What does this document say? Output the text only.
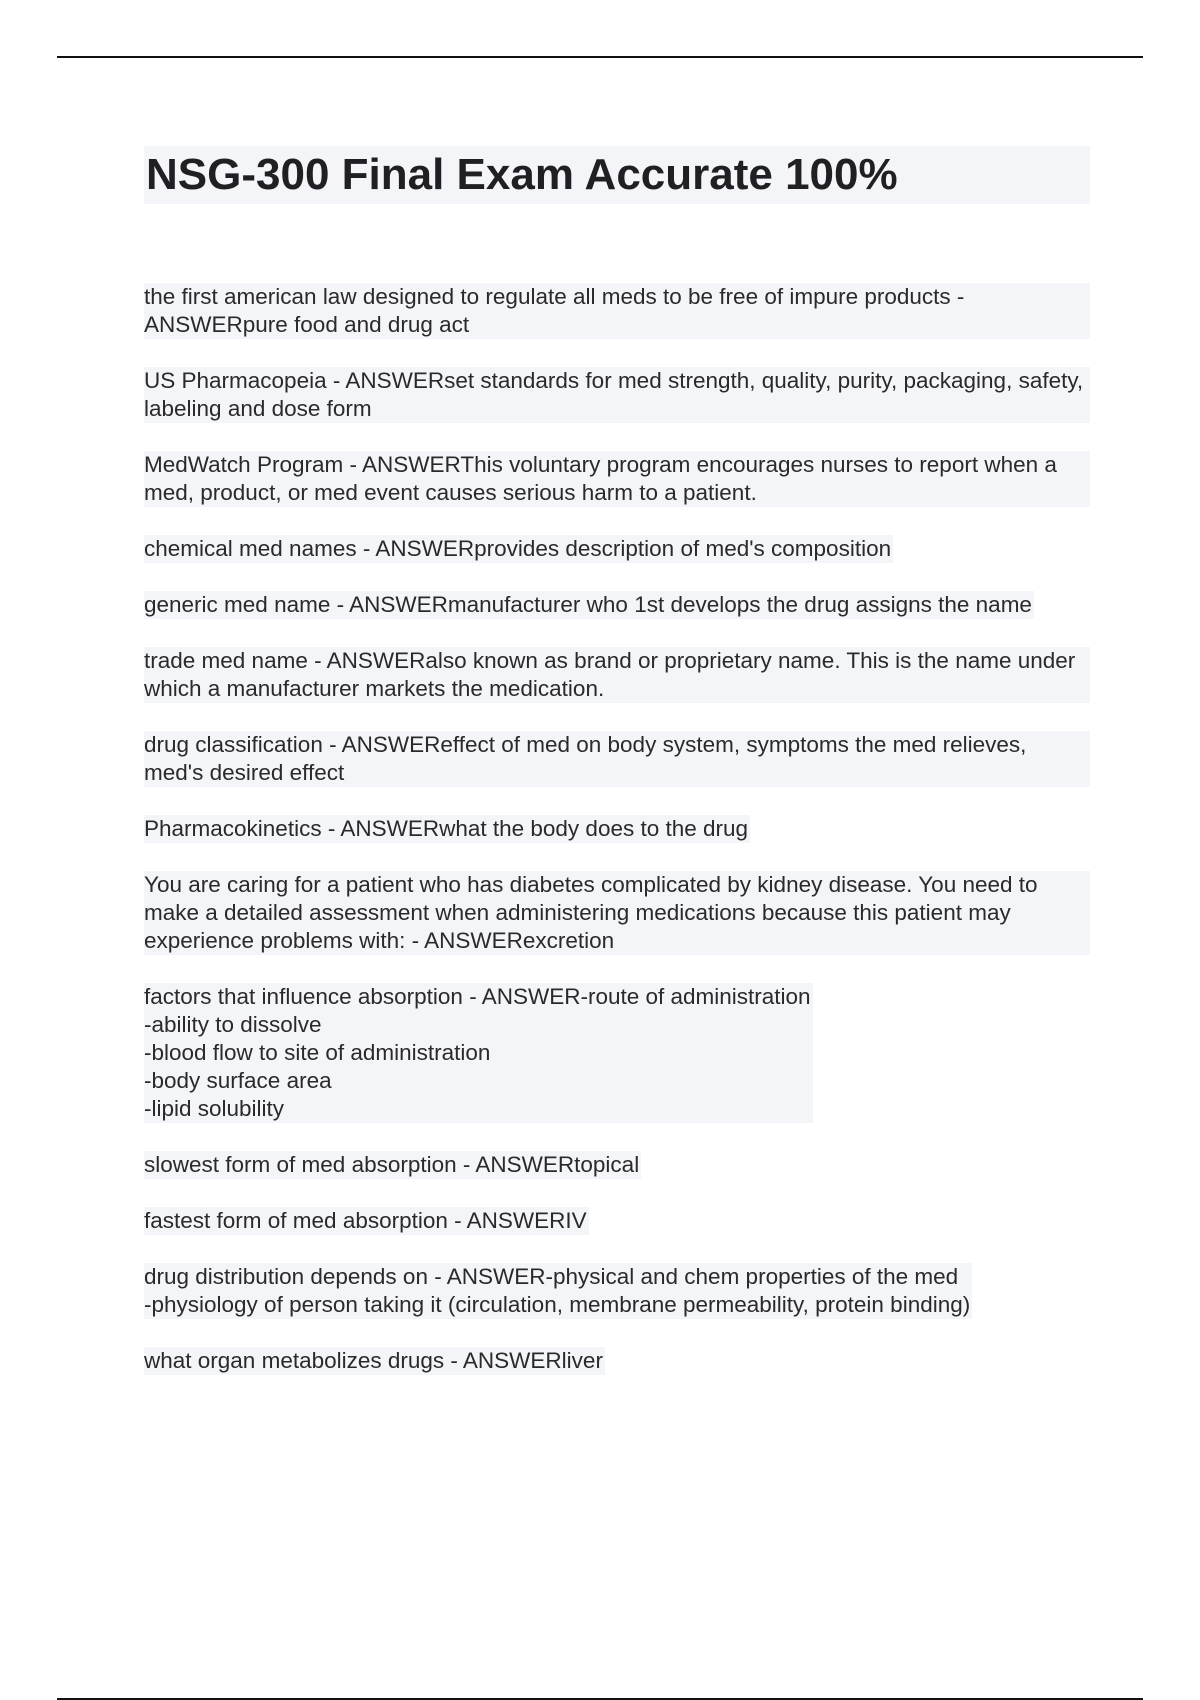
NSG-300 Final Exam Accurate 100%
the first american law designed to regulate all meds to be free of impure products - ANSWERpure food and drug act
US Pharmacopeia - ANSWERset standards for med strength, quality, purity, packaging, safety, labeling and dose form
MedWatch Program - ANSWERThis voluntary program encourages nurses to report when a med, product, or med event causes serious harm to a patient.
chemical med names - ANSWERprovides description of med's composition
generic med name - ANSWERmanufacturer who 1st develops the drug assigns the name
trade med name - ANSWERalso known as brand or proprietary name. This is the name under which a manufacturer markets the medication.
drug classification - ANSWEReffect of med on body system, symptoms the med relieves, med's desired effect
Pharmacokinetics - ANSWERwhat the body does to the drug
You are caring for a patient who has diabetes complicated by kidney disease. You need to make a detailed assessment when administering medications because this patient may experience problems with: - ANSWERexcretion
factors that influence absorption - ANSWER-route of administration
-ability to dissolve
-blood flow to site of administration
-body surface area
-lipid solubility
slowest form of med absorption - ANSWERtopical
fastest form of med absorption - ANSWERIV
drug distribution depends on - ANSWER-physical and chem properties of the med
-physiology of person taking it (circulation, membrane permeability, protein binding)
what organ metabolizes drugs - ANSWERliver
